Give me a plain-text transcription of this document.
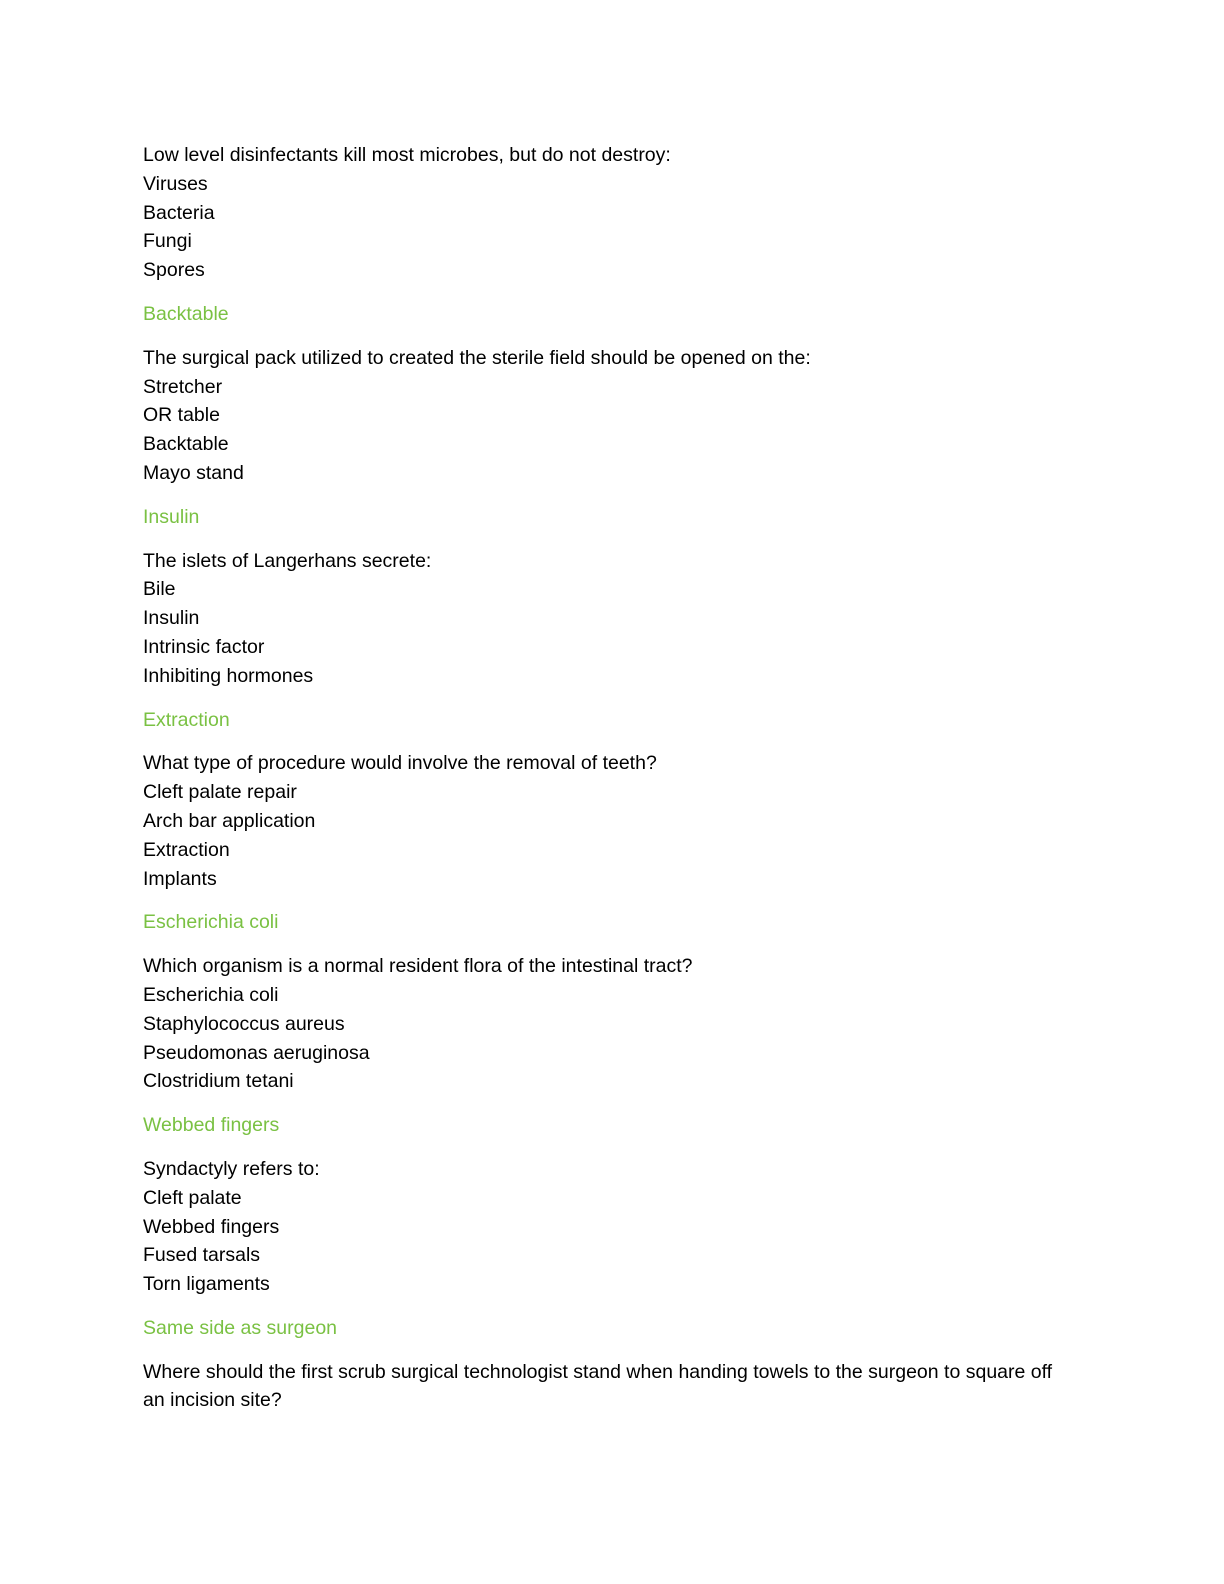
Low level disinfectants kill most microbes, but do not destroy:

Viruses

Bacteria

Fungi

Spores

Backtable

The surgical pack utilized to created the sterile field should be opened on the:

Stretcher

OR table

Backtable

Mayo stand

Insulin

The islets of Langerhans secrete:

Bile

Insulin

Intrinsic factor

Inhibiting hormones

Extraction

What type of procedure would involve the removal of teeth?

Cleft palate repair

Arch bar application

Extraction

Implants

Escherichia coli

Which organism is a normal resident flora of the intestinal tract?

Escherichia coli

Staphylococcus aureus

Pseudomonas aeruginosa

Clostridium tetani

Webbed fingers

Syndactyly refers to:

Cleft palate

Webbed fingers

Fused tarsals

Torn ligaments

Same side as surgeon

Where should the first scrub surgical technologist stand when handing towels to the surgeon to square off an incision site?
